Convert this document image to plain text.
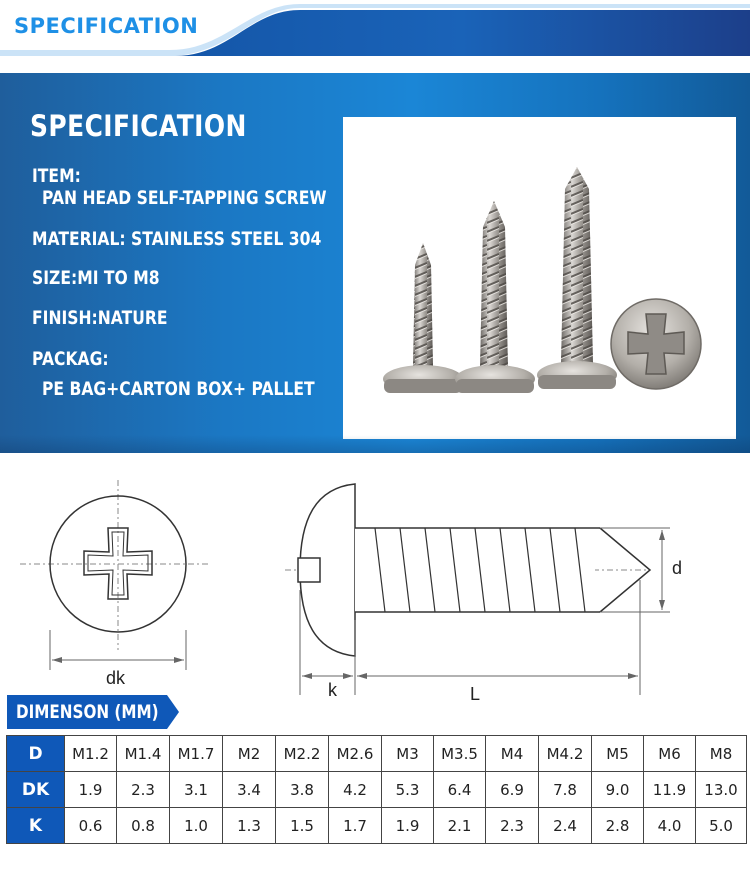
SPECIFICATION
SPECIFICATION
ITEM:
PAN HEAD SELF-TAPPING SCREW
MATERIAL: STAINLESS STEEL 304
SIZE:MI TO M8
FINISH:NATURE
PACKAG:
PE BAG+CARTON BOX+ PALLET
dk
k	L
d
DIMENSON (MM)
D	M1.2	M1.4	M1.7	M2	M2.2	M2.6	M3	M3.5	M4	M4.2	M5	M6	M8
DK	1.9	2.3	3.1	3.4	3.8	4.2	5.3	6.4	6.9	7.8	9.0	11.9	13.0
K	0.6	0.8	1.0	1.3	1.5	1.7	1.9	2.1	2.3	2.4	2.8	4.0	5.0
